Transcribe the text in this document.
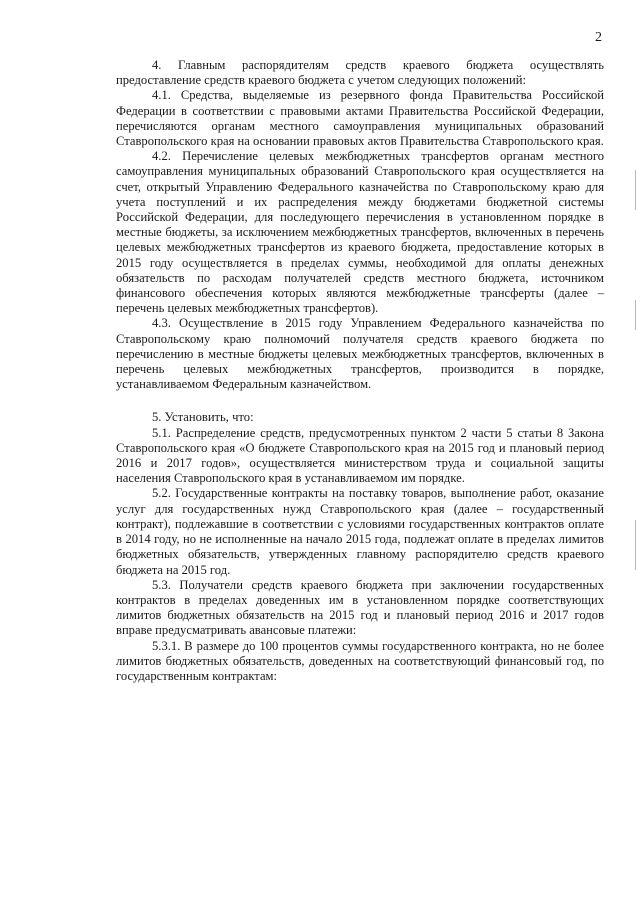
2

4. Главным распорядителям средств краевого бюджета осуществлять предоставление средств краевого бюджета с учетом следующих положений:

4.1. Средства, выделяемые из резервного фонда Правительства Российской Федерации в соответствии с правовыми актами Правительства Российской Федерации, перечисляются органам местного самоуправления муниципальных образований Ставропольского края на основании правовых актов Правительства Ставропольского края.

4.2. Перечисление целевых межбюджетных трансфертов органам местного самоуправления муниципальных образований Ставропольского края осуществляется на счет, открытый Управлению Федерального казначейства по Ставропольскому краю для учета поступлений и их распределения между бюджетами бюджетной системы Российской Федерации, для последующего перечисления в установленном порядке в местные бюджеты, за исключением межбюджетных трансфертов, включенных в перечень целевых межбюджетных трансфертов из краевого бюджета, предоставление которых в 2015 году осуществляется в пределах суммы, необходимой для оплаты денежных обязательств по расходам получателей средств местного бюджета, источником финансового обеспечения которых являются межбюджетные трансферты (далее – перечень целевых межбюджетных трансфертов).

4.3. Осуществление в 2015 году Управлением Федерального казначейства по Ставропольскому краю полномочий получателя средств краевого бюджета по перечислению в местные бюджеты целевых межбюджетных трансфертов, включенных в перечень целевых межбюджетных трансфертов, производится в порядке, устанавливаемом Федеральным казначейством.

5. Установить, что:

5.1. Распределение средств, предусмотренных пунктом 2 части 5 статьи 8 Закона Ставропольского края «О бюджете Ставропольского края на 2015 год и плановый период 2016 и 2017 годов», осуществляется министерством труда и социальной защиты населения Ставропольского края в устанавливаемом им порядке.

5.2. Государственные контракты на поставку товаров, выполнение работ, оказание услуг для государственных нужд Ставропольского края (далее – государственный контракт), подлежавшие в соответствии с условиями государственных контрактов оплате в 2014 году, но не исполненные на начало 2015 года, подлежат оплате в пределах лимитов бюджетных обязательств, утвержденных главному распорядителю средств краевого бюджета на 2015 год.

5.3. Получатели средств краевого бюджета при заключении государственных контрактов в пределах доведенных им в установленном порядке соответствующих лимитов бюджетных обязательств на 2015 год и плановый период 2016 и 2017 годов вправе предусматривать авансовые платежи:

5.3.1. В размере до 100 процентов суммы государственного контракта, но не более лимитов бюджетных обязательств, доведенных на соответствующий финансовый год, по государственным контрактам:
